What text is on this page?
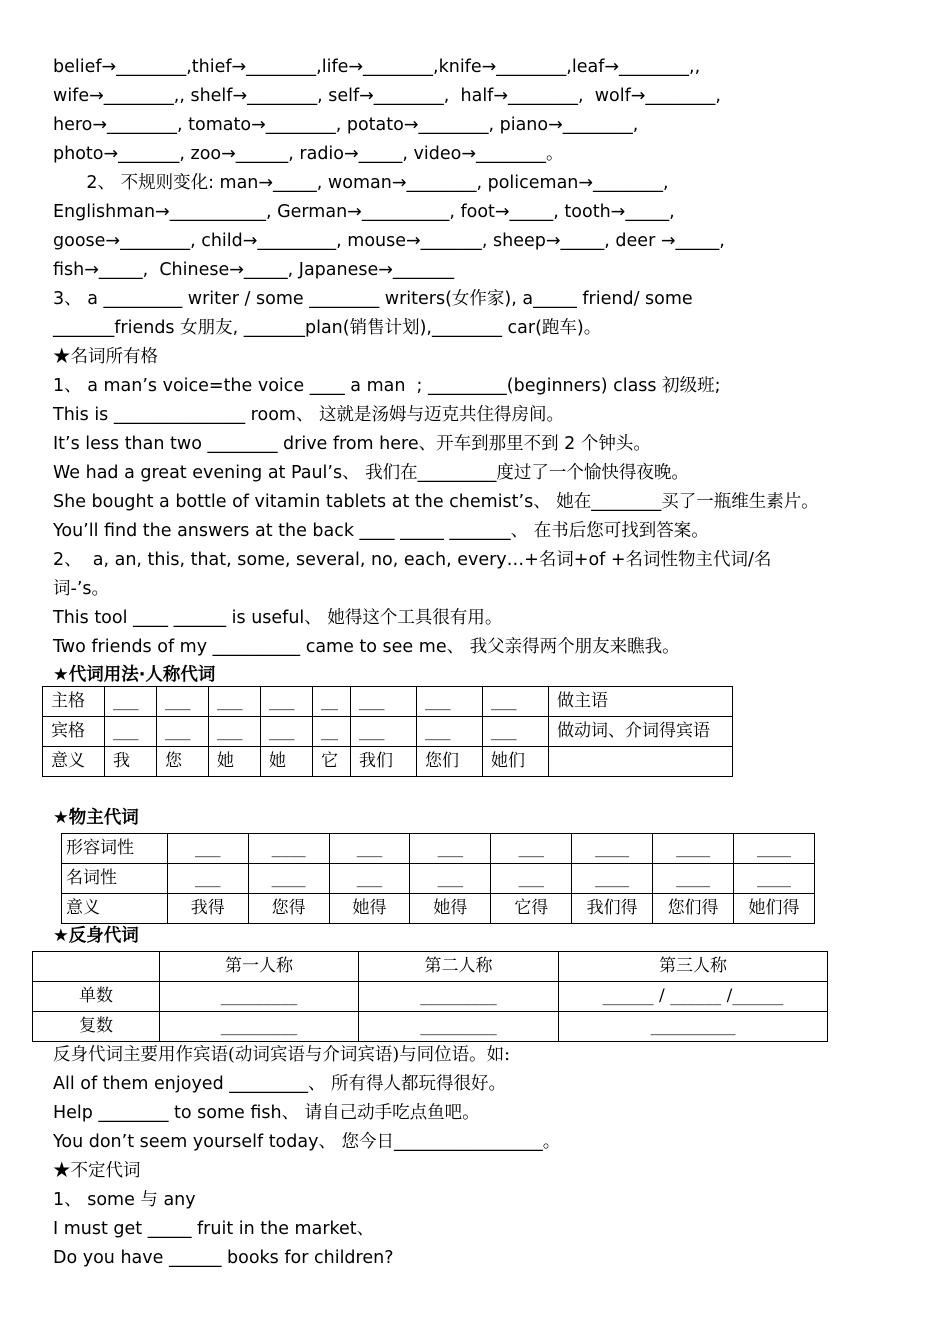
belief→________,thief→________,life→________,knife→________,leaf→________,,
wife→________,, shelf→________, self→________,  half→________,  wolf→________,
hero→________, tomato→________, potato→________, piano→________,
photo→_______, zoo→______, radio→_____, video→________。
2、 不规则变化: man→_____, woman→________, policeman→________,
Englishman→___________, German→__________, foot→_____, tooth→_____,
goose→________, child→_________, mouse→_______, sheep→_____, deer →_____,
fish→_____,  Chinese→_____, Japanese→_______
3、 a _________ writer / some ________ writers(女作家), a_____ friend/ some
_______friends 女朋友, _______plan(销售计划),________ car(跑车)。
★名词所有格
1、 a man’s voice=the voice ____ a man  ; _________(beginners) class 初级班;
This is _______________ room、 这就是汤姆与迈克共住得房间。
It’s less than two ________ drive from here、开车到那里不到 2 个钟头。
We had a great evening at Paul’s、 我们在_________度过了一个愉快得夜晚。
She bought a bottle of vitamin tablets at the chemist’s、 她在________买了一瓶维生素片。
You’ll find the answers at the back ____ _____ _______、 在书后您可找到答案。
2、  a, an, this, that, some, several, no, each, every…+名词+of +名词性物主代词/名
词-’s。
This tool ____ ______ is useful、 她得这个工具很有用。
Two friends of my __________ came to see me、 我父亲得两个朋友来瞧我。
★代词用法·人称代词
主格	___	___	___	___	__	___	___	___	做主语
宾格	___	___	___	___	__	___	___	___	做动词、介词得宾语
意义	我	您	她	她	它	我们	您们	她们	
★物主代词
形容词性	___	____	___	___	___	____	____	____
名词性	___	____	___	___	___	____	____	____
意义	我得	您得	她得	她得	它得	我们得	您们得	她们得
★反身代词
	第一人称	第二人称	第三人称
单数	_________	_________	______ / ______ /______
复数	_________	_________	__________
反身代词主要用作宾语(动词宾语与介词宾语)与同位语。如:
All of them enjoyed _________、 所有得人都玩得很好。
Help ________ to some fish、 请自己动手吃点鱼吧。
You don’t seem yourself today、 您今日_________________。
★不定代词
1、 some 与 any
I must get _____ fruit in the market、
Do you have ______ books for children?
